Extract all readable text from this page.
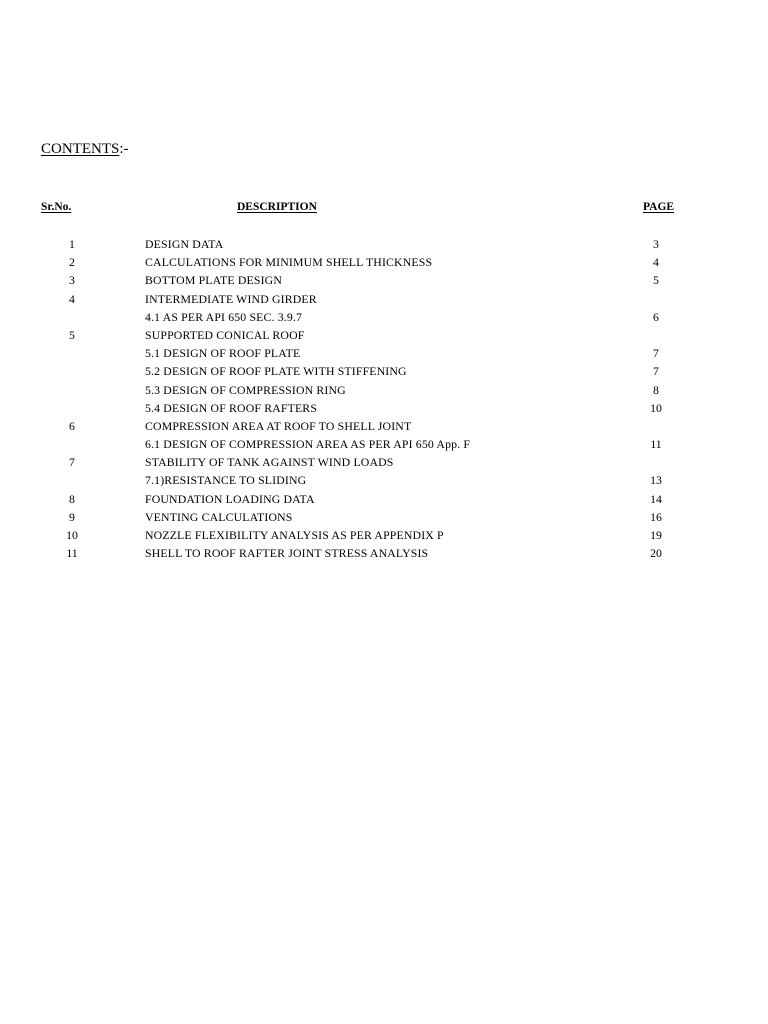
CONTENTS:-
Sr.No.	DESCRIPTION	PAGE
1	DESIGN DATA	3
2	CALCULATIONS FOR MINIMUM SHELL THICKNESS	4
3	BOTTOM PLATE DESIGN	5
4	INTERMEDIATE WIND GIRDER
4.1 AS PER API 650 SEC. 3.9.7	6
5	SUPPORTED CONICAL ROOF
5.1 DESIGN OF ROOF PLATE	7
5.2 DESIGN OF ROOF PLATE WITH STIFFENING	7
5.3 DESIGN OF COMPRESSION RING	8
5.4 DESIGN OF ROOF RAFTERS	10
6	COMPRESSION AREA AT ROOF TO SHELL JOINT
6.1 DESIGN OF COMPRESSION AREA AS PER API 650 App. F	11
7	STABILITY OF TANK AGAINST WIND LOADS
7.1)RESISTANCE TO SLIDING	13
8	FOUNDATION LOADING DATA	14
9	VENTING CALCULATIONS	16
10	NOZZLE FLEXIBILITY ANALYSIS AS PER APPENDIX P	19
11	SHELL TO ROOF RAFTER JOINT STRESS ANALYSIS	20
